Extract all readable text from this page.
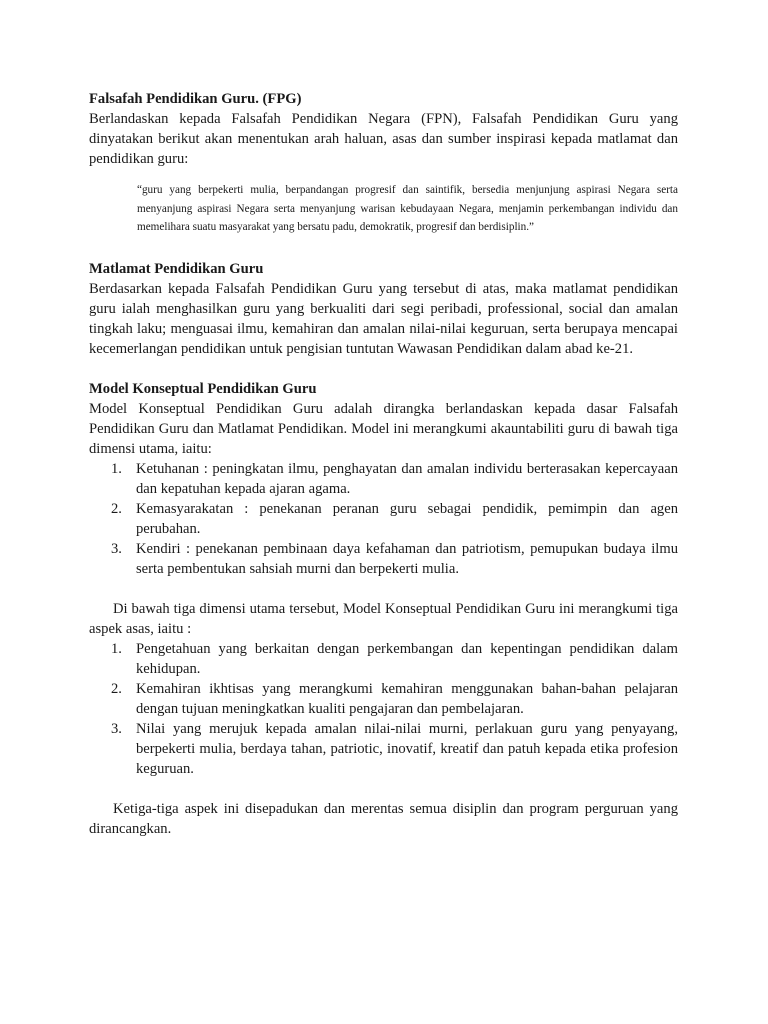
Falsafah Pendidikan Guru. (FPG)

Berlandaskan kepada Falsafah Pendidikan Negara (FPN), Falsafah Pendidikan Guru yang dinyatakan berikut akan menentukan arah haluan, asas dan sumber inspirasi kepada matlamat dan pendidikan guru:

“guru yang berpekerti mulia, berpandangan progresif dan saintifik, bersedia menjunjung aspirasi Negara serta menyanjung aspirasi Negara serta menyanjung warisan kebudayaan Negara, menjamin perkembangan individu dan memelihara suatu masyarakat yang bersatu padu, demokratik, progresif dan berdisiplin.”

Matlamat Pendidikan Guru

Berdasarkan kepada Falsafah Pendidikan Guru yang tersebut di atas, maka matlamat pendidikan guru ialah menghasilkan guru yang berkualiti dari segi peribadi, professional, social dan amalan tingkah laku; menguasai ilmu, kemahiran dan amalan nilai-nilai keguruan, serta berupaya mencapai kecemerlangan pendidikan untuk pengisian tuntutan Wawasan Pendidikan dalam abad ke-21.

Model Konseptual Pendidikan Guru

Model Konseptual Pendidikan Guru adalah dirangka berlandaskan kepada dasar Falsafah Pendidikan Guru dan Matlamat Pendidikan. Model ini merangkumi akauntabiliti guru di bawah tiga dimensi utama, iaitu:

1. Ketuhanan : peningkatan ilmu, penghayatan dan amalan individu berterasakan kepercayaan dan kepatuhan kepada ajaran agama.
2. Kemasyarakatan : penekanan peranan guru sebagai pendidik, pemimpin dan agen perubahan.
3. Kendiri : penekanan pembinaan daya kefahaman dan patriotism, pemupukan budaya ilmu serta pembentukan sahsiah murni dan berpekerti mulia.

Di bawah tiga dimensi utama tersebut, Model Konseptual Pendidikan Guru ini merangkumi tiga aspek asas, iaitu :

1. Pengetahuan yang berkaitan dengan perkembangan dan kepentingan pendidikan dalam kehidupan.
2. Kemahiran ikhtisas yang merangkumi kemahiran menggunakan bahan-bahan pelajaran dengan tujuan meningkatkan kualiti pengajaran dan pembelajaran.
3. Nilai yang merujuk kepada amalan nilai-nilai murni, perlakuan guru yang penyayang, berpekerti mulia, berdaya tahan, patriotic, inovatif, kreatif dan patuh kepada etika profesion keguruan.

Ketiga-tiga aspek ini disepadukan dan merentas semua disiplin dan program perguruan yang dirancangkan.
